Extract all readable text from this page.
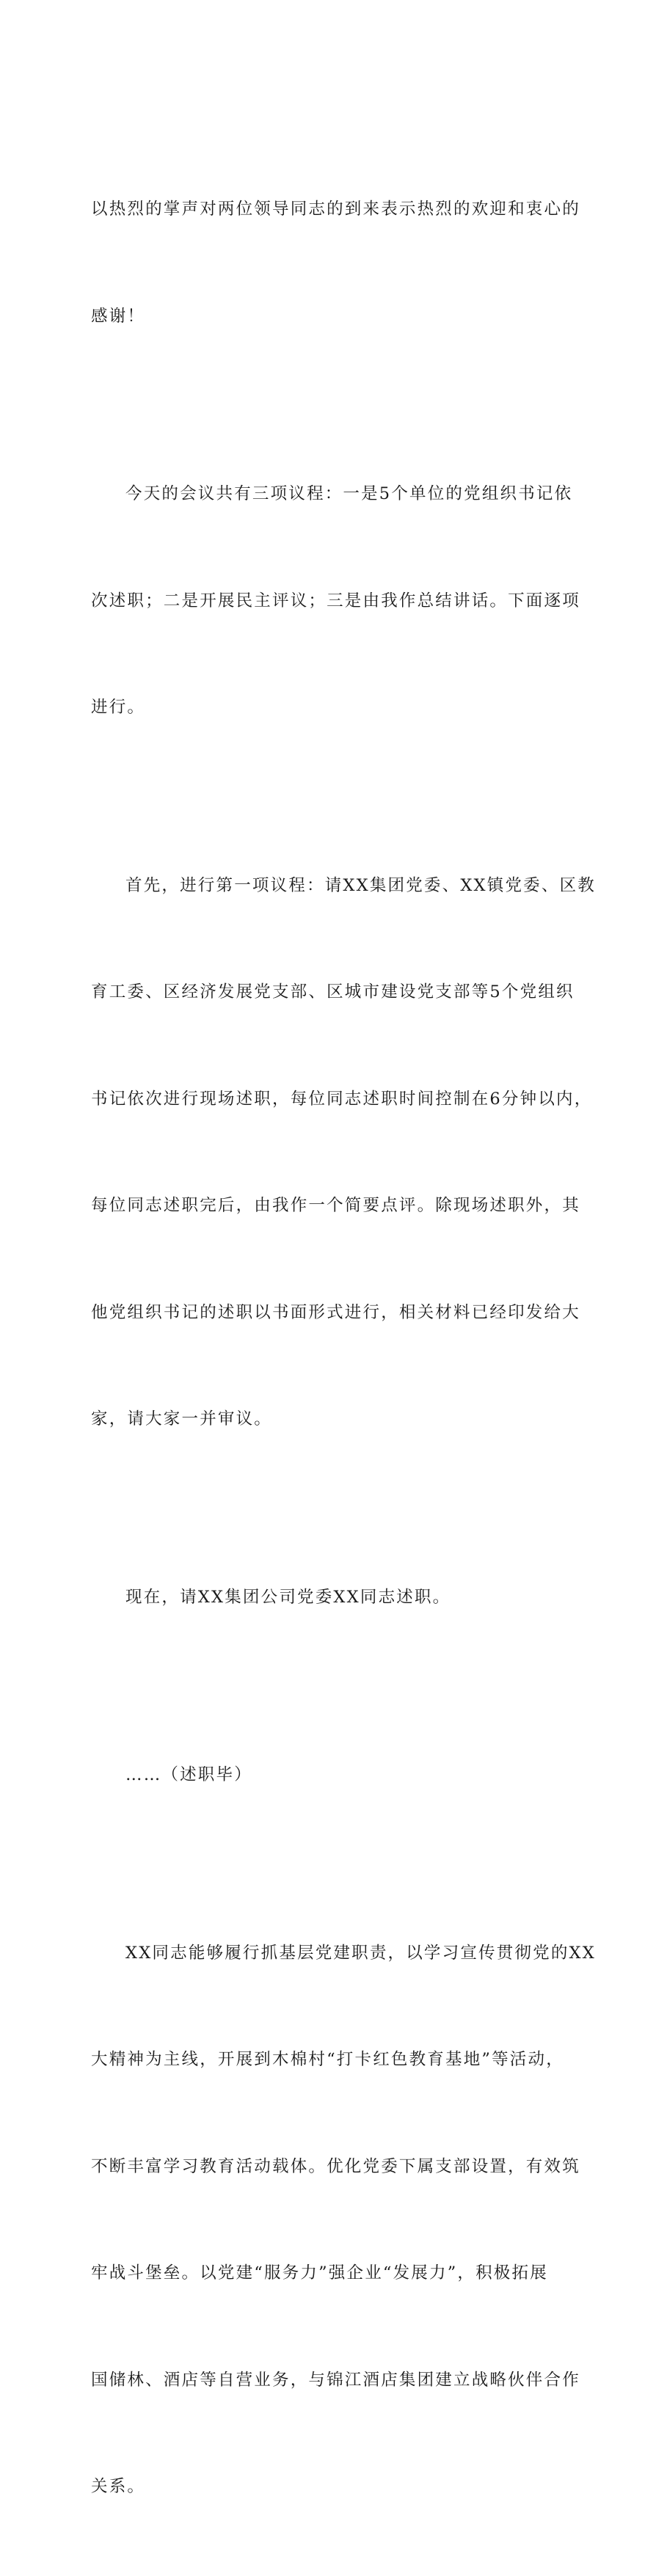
以热烈的掌声对两位领导同志的到来表示热烈的欢迎和衷心的

感谢！

今天的会议共有三项议程：一是5个单位的党组织书记依

次述职；二是开展民主评议；三是由我作总结讲话。下面逐项

进行。

首先，进行第一项议程：请XX集团党委、XX镇党委、区教

育工委、区经济发展党支部、区城市建设党支部等5个党组织

书记依次进行现场述职，每位同志述职时间控制在6分钟以内，

每位同志述职完后，由我作一个简要点评。除现场述职外，其

他党组织书记的述职以书面形式进行，相关材料已经印发给大

家，请大家一并审议。

现在，请XX集团公司党委XX同志述职。

……（述职毕）

XX同志能够履行抓基层党建职责，以学习宣传贯彻党的XX

大精神为主线，开展到木棉村“打卡红色教育基地”等活动，

不断丰富学习教育活动载体。优化党委下属支部设置，有效筑

牢战斗堡垒。以党建“服务力”强企业“发展力”，积极拓展

国储林、酒店等自营业务，与锦江酒店集团建立战略伙伴合作

关系。
